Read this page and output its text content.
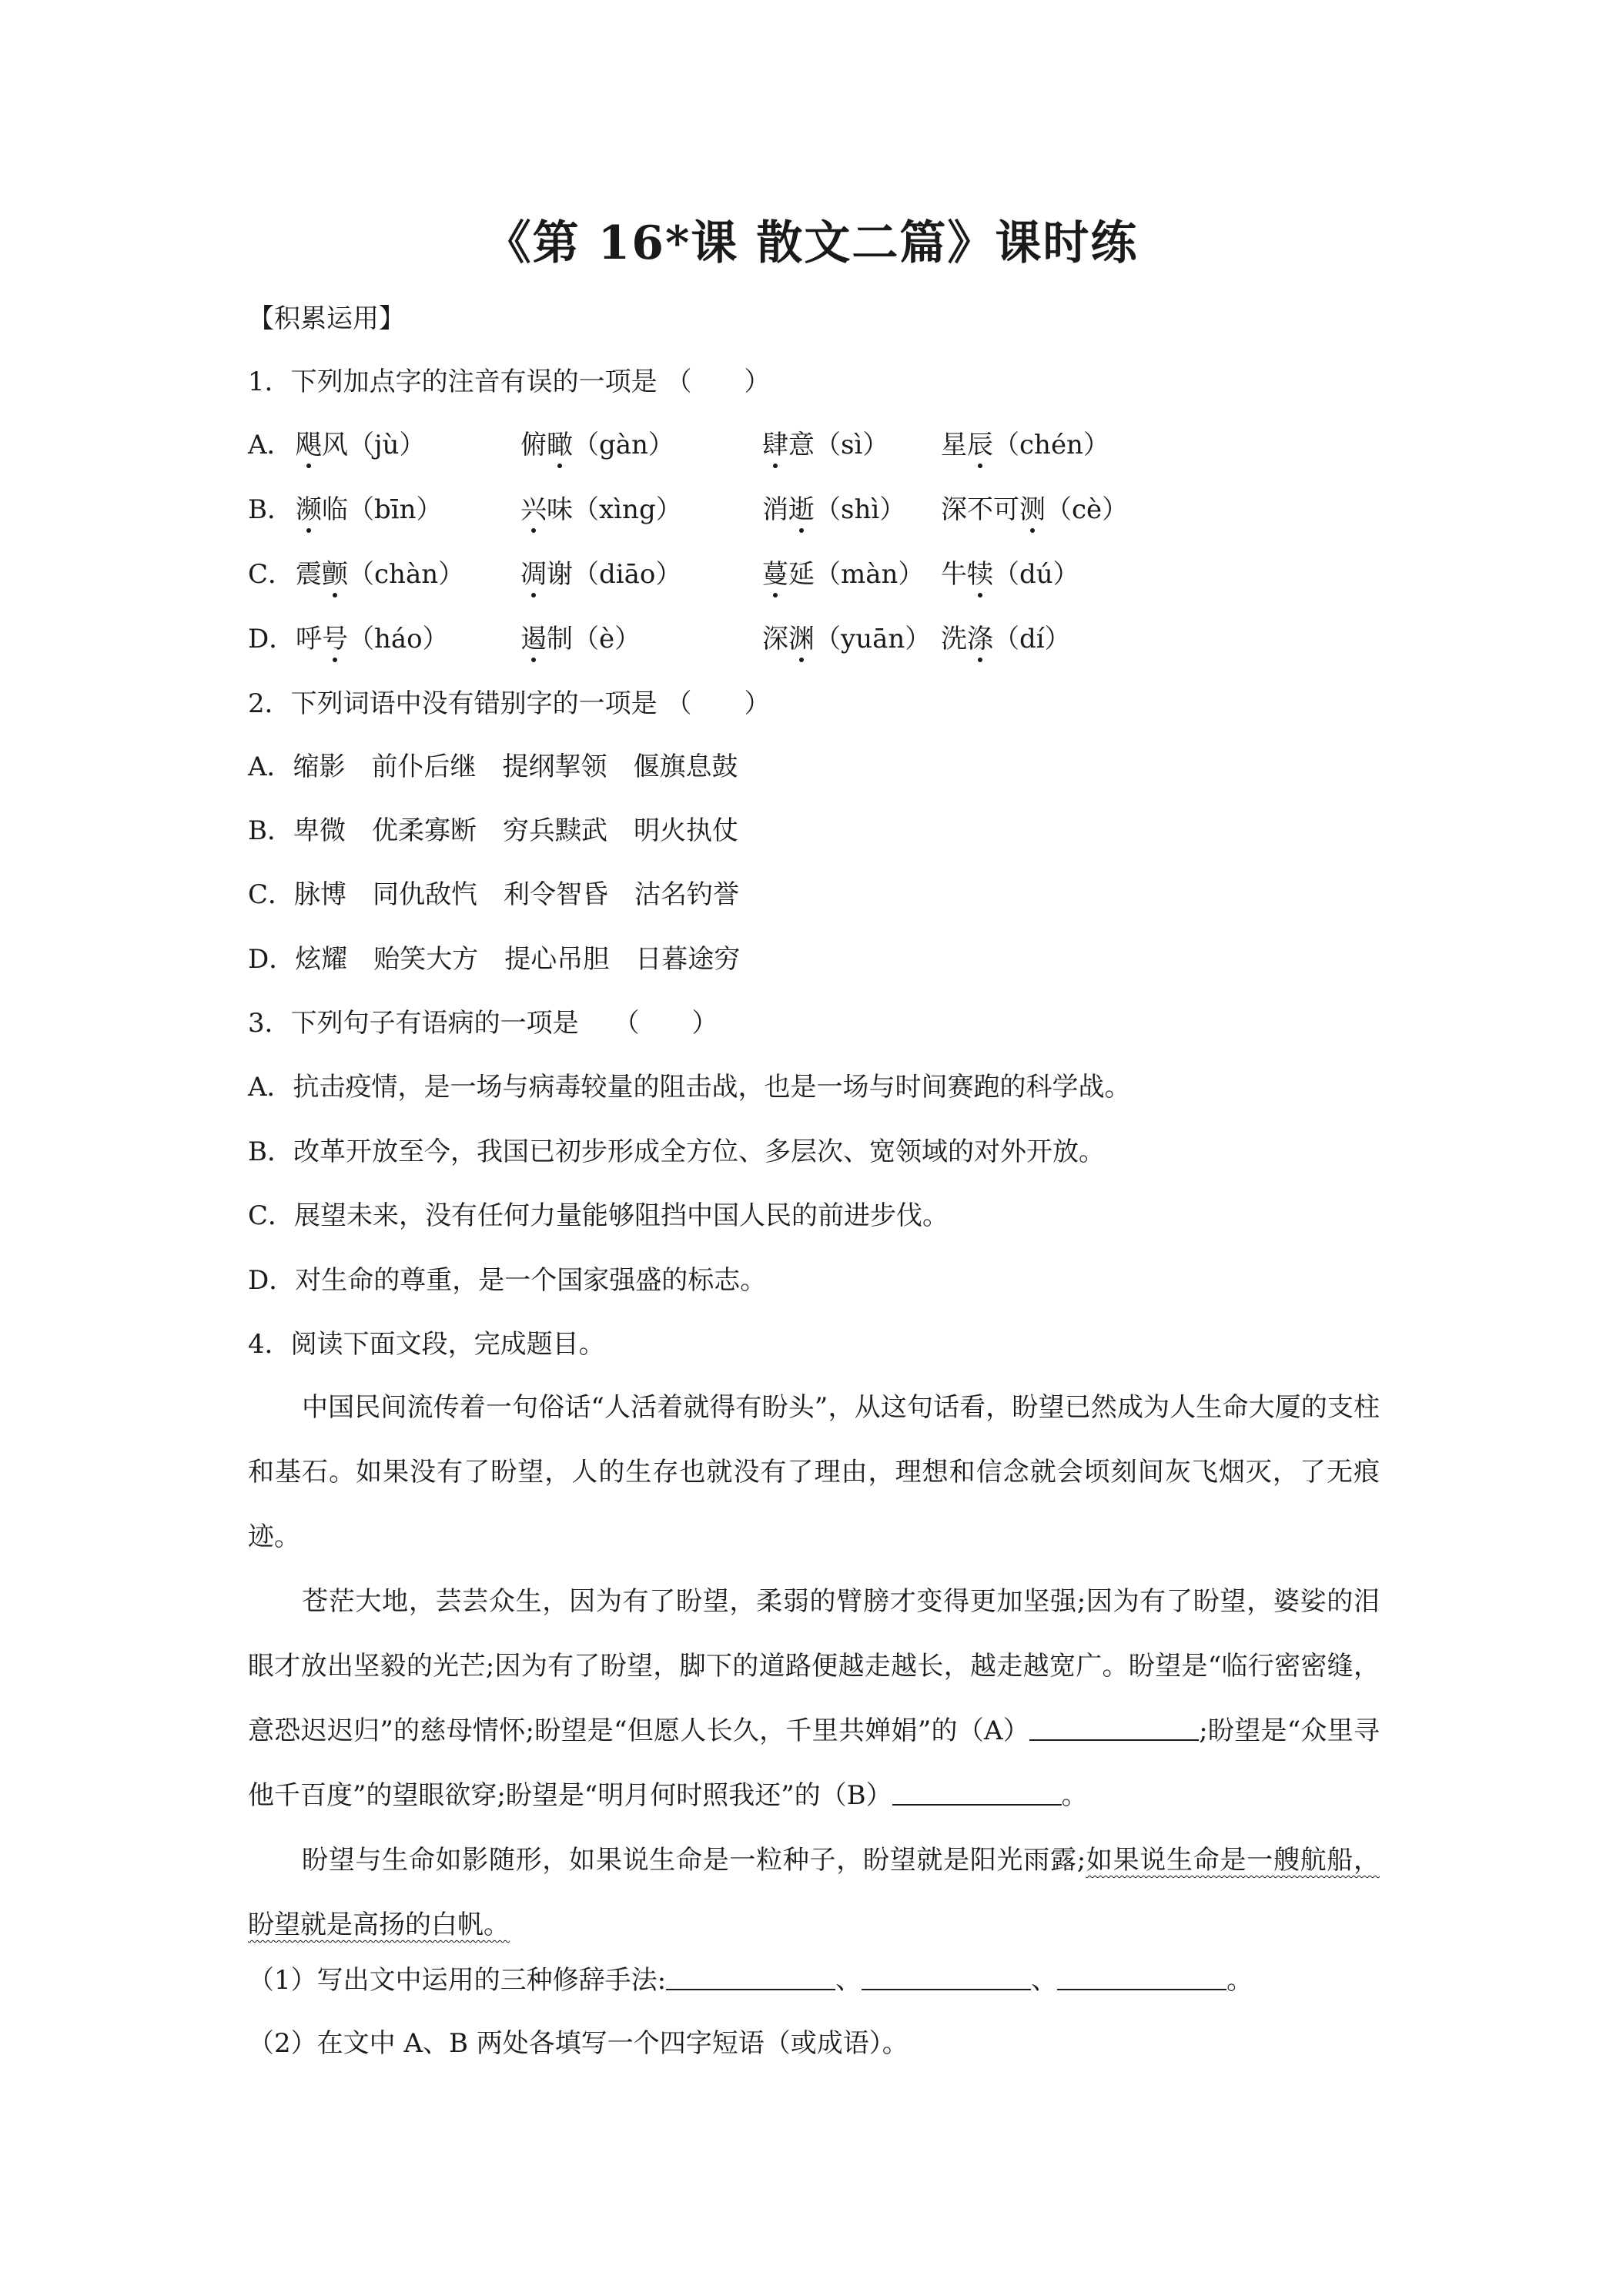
《第 16*课 散文二篇》课时练
【积累运用】
1．下列加点字的注音有误的一项是 （　　）
A． 飓风（jù）	俯瞰（gàn）	肆意（sì） 星辰（chén）
B． 濒临（bīn）	兴味（xìng）	消逝（shì） 深不可测（cè）
C． 震颤（chàn） 凋谢（diāo）	蔓延（màn） 牛犊（dú）
D． 呼号（háo）	遏制（è）	深渊（yuān） 洗涤（dí）
2．下列词语中没有错别字的一项是 （　　）
A．缩影　前仆后继　提纲挈领　偃旗息鼓
B．卑微　优柔寡断　穷兵黩武　明火执仗
C．脉博　同仇敌忾　利令智昏　沽名钓誉
D．炫耀　贻笑大方　提心吊胆　日暮途穷
3．下列句子有语病的一项是　 （　　）
A．抗击疫情，是一场与病毒较量的阻击战，也是一场与时间赛跑的科学战。
B．改革开放至今，我国已初步形成全方位、多层次、宽领域的对外开放。
C．展望未来，没有任何力量能够阻挡中国人民的前进步伐。
D．对生命的尊重，是一个国家强盛的标志。
4．阅读下面文段，完成题目。
中国民间流传着一句俗话“人活着就得有盼头”，从这句话看，盼望已然成为人生命大厦的支柱和基石。如果没有了盼望，人的生存也就没有了理由，理想和信念就会顷刻间灰飞烟灭，了无痕迹。
苍茫大地，芸芸众生，因为有了盼望，柔弱的臂膀才变得更加坚强;因为有了盼望，婆娑的泪眼才放出坚毅的光芒;因为有了盼望，脚下的道路便越走越长，越走越宽广。盼望是“临行密密缝，意恐迟迟归”的慈母情怀;盼望是“但愿人长久，千里共婵娟”的（A）	;盼望是“众里寻他千百度”的望眼欲穿;盼望是“明月何时照我还”的（B）	。
盼望与生命如影随形，如果说生命是一粒种子，盼望就是阳光雨露;如果说生命是一艘航船，盼望就是高扬的白帆。
（1）写出文中运用的三种修辞手法:	、	、	。
（2）在文中 A、B 两处各填写一个四字短语（或成语）。
